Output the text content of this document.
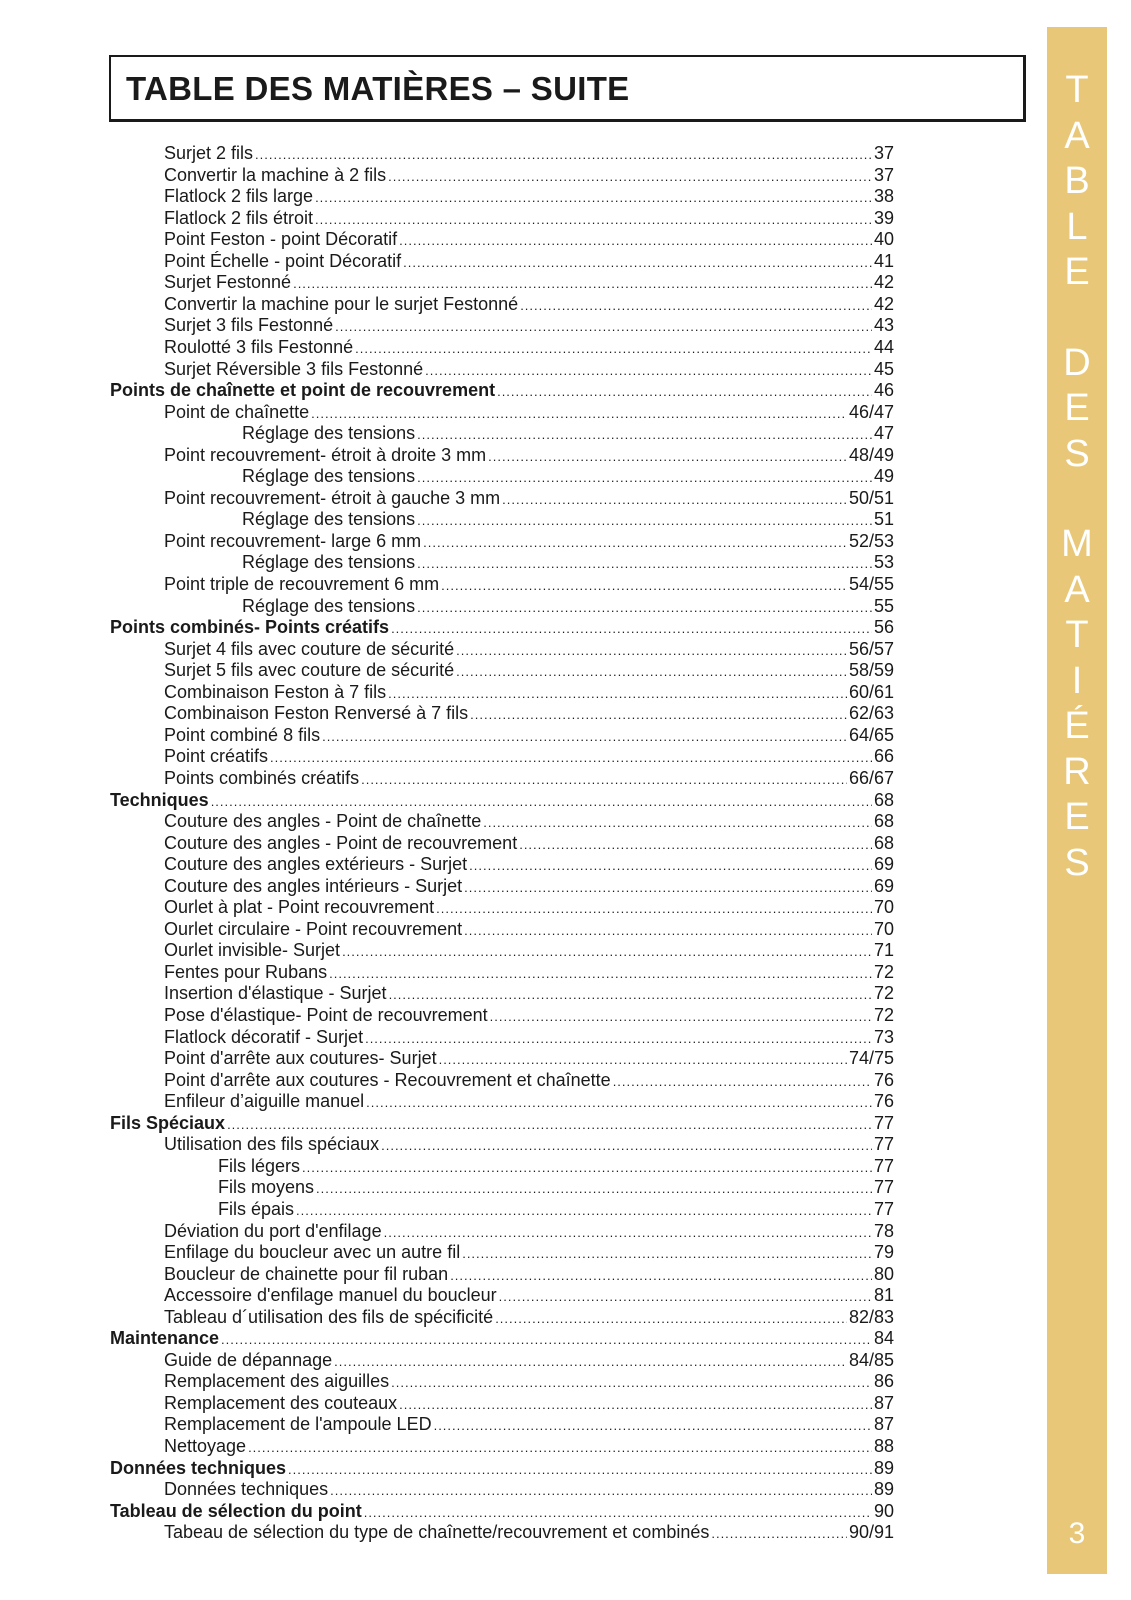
TABLE DES MATIÈRES – SUITE
Surjet 2 fils .....	37
Convertir la machine à 2 fils .....	37
Flatlock 2 fils large .....	38
Flatlock 2 fils étroit .....	39
Point Feston - point Décoratif .....	40
Point Échelle - point Décoratif .....	41
Surjet Festonné .....	42
Convertir la machine pour le surjet Festonné .....	42
Surjet 3 fils Festonné .....	43
Roulotté 3 fils Festonné .....	44
Surjet Réversible 3 fils Festonné .....	45
Points de chaînette et point de recouvrement .....	46
Point de chaînette .....	46/47
Réglage des tensions .....	47
Point recouvrement- étroit à droite 3 mm .....	48/49
Réglage des tensions .....	49
Point recouvrement- étroit à gauche 3 mm .....	50/51
Réglage des tensions .....	51
Point recouvrement- large 6 mm .....	52/53
Réglage des tensions .....	53
Point triple de recouvrement 6 mm .....	54/55
Réglage des tensions .....	55
Points combinés- Points créatifs .....	56
Surjet 4 fils avec couture de sécurité .....	56/57
Surjet 5 fils avec couture de sécurité .....	58/59
Combinaison Feston à 7 fils .....	60/61
Combinaison Feston Renversé à 7 fils .....	62/63
Point combiné 8 fils .....	64/65
Point créatifs .....	66
Points combinés créatifs .....	66/67
Techniques .....	68
Couture des angles - Point de chaînette .....	68
Couture des angles - Point de recouvrement .....	68
Couture des angles extérieurs - Surjet .....	69
Couture des angles intérieurs - Surjet .....	69
Ourlet à plat - Point recouvrement .....	70
Ourlet circulaire - Point recouvrement .....	70
Ourlet invisible- Surjet .....	71
Fentes pour Rubans .....	72
Insertion d'élastique - Surjet .....	72
Pose d'élastique- Point de recouvrement .....	72
Flatlock décoratif - Surjet .....	73
Point d'arrête aux coutures- Surjet .....	74/75
Point d'arrête aux coutures - Recouvrement et chaînette .....	76
Enfileur d’aiguille manuel .....	76
Fils Spéciaux .....	77
Utilisation des fils spéciaux .....	77
Fils légers .....	77
Fils moyens .....	77
Fils épais .....	77
Déviation du port d'enfilage .....	78
Enfilage du boucleur avec un autre fil .....	79
Boucleur de chainette pour fil ruban .....	80
Accessoire d'enfilage manuel du boucleur .....	81
Tableau d´utilisation des fils de spécificité .....	82/83
Maintenance .....	84
Guide de dépannage .....	84/85
Remplacement des aiguilles .....	86
Remplacement des couteaux .....	87
Remplacement de l'ampoule LED .....	87
Nettoyage .....	88
Données techniques .....	89
Données techniques .....	89
Tableau de sélection du point .....	90
Tabeau de sélection du type de chaînette/recouvrement et combinés .....	90/91	3
T
A
B
L
E
D
E
S
M
A
T
I
É
R
E
S
